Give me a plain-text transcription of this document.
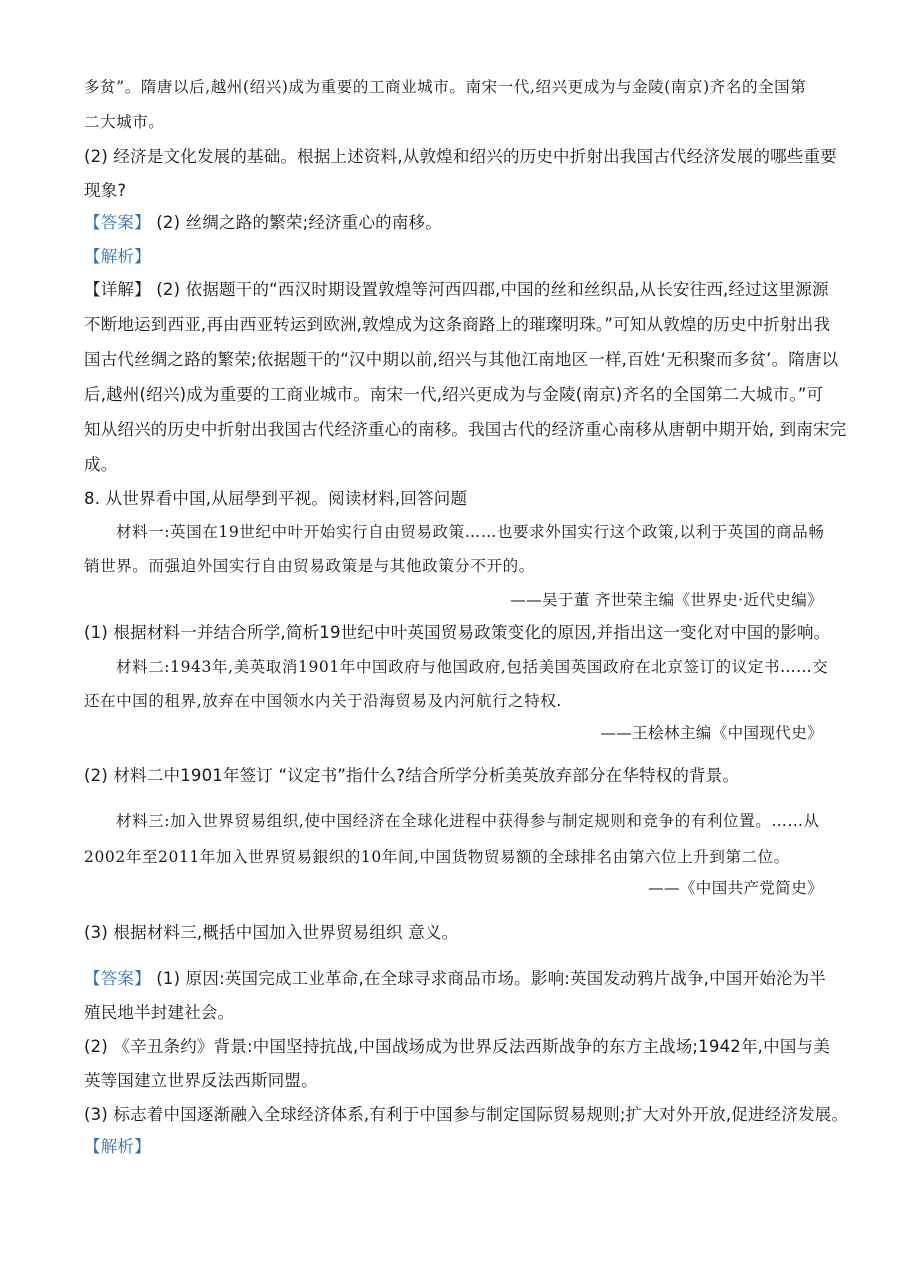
多贫”。隋唐以后,越州(绍兴)成为重要的工商业城市。南宋一代,绍兴更成为与金陵(南京)齐名的全国第
二大城市。
(2) 经济是文化发展的基础。根据上述资料,从敦煌和绍兴的历史中折射出我国古代经济发展的哪些重要
现象?
【答案】 (2) 丝绸之路的繁荣;经济重心的南移。
【解析】
【详解】 (2) 依据题干的“西汉时期设置敦煌等河西四郡,中国的丝和丝织品,从长安往西,经过这里源源
不断地运到西亚,再由西亚转运到欧洲,敦煌成为这条商路上的璀璨明珠。”可知从敦煌的历史中折射出我
国古代丝绸之路的繁荣;依据题干的“汉中期以前,绍兴与其他江南地区一样,百姓‘无积聚而多贫’。隋唐以
后,越州(绍兴)成为重要的工商业城市。南宋一代,绍兴更成为与金陵(南京)齐名的全国第二大城市。”可
知从绍兴的历史中折射出我国古代经济重心的南移。我国古代的经济重心南移从唐朝中期开始, 到南宋完
成。
8. 从世界看中国,从屈學到平视。阅读材料,回答问题
材料一:英国在19世纪中叶开始实行自由贸易政策……也要求外国实行这个政策,以利于英国的商品畅
销世界。而强迫外国实行自由贸易政策是与其他政策分不开的。
——吴于董 齐世荣主编《世界史·近代史编》
(1) 根据材料一并结合所学,简析19世纪中叶英国贸易政策变化的原因,并指出这一变化对中国的影响。
材料二:1943年,美英取消1901年中国政府与他国政府,包括美国英国政府在北京签订的议定书……交
还在中国的租界,放弃在中国领水内关于沿海贸易及内河航行之特权.
——王桧林主编《中国现代史》
(2) 材料二中1901年签订 “议定书”指什么?结合所学分析美英放弃部分在华特权的背景。
材料三:加入世界贸易组织,使中国经济在全球化进程中获得参与制定规则和竞争的有利位置。……从
2002年至2011年加入世界贸易銀织的10年间,中国货物贸易额的全球排名由第六位上升到第二位。
——《中国共产党简史》
(3) 根据材料三,概括中国加入世界贸易组织 意义。
【答案】 (1) 原因:英国完成工业革命,在全球寻求商品市场。影响:英国发动鸦片战争,中国开始沦为半
殖民地半封建社会。
(2) 《辛丑条约》背景:中国坚持抗战,中国战场成为世界反法西斯战争的东方主战场;1942年,中国与美
英等国建立世界反法西斯同盟。
(3) 标志着中国逐渐融入全球经济体系,有利于中国参与制定国际贸易规则;扩大对外开放,促进经济发展。
【解析】
